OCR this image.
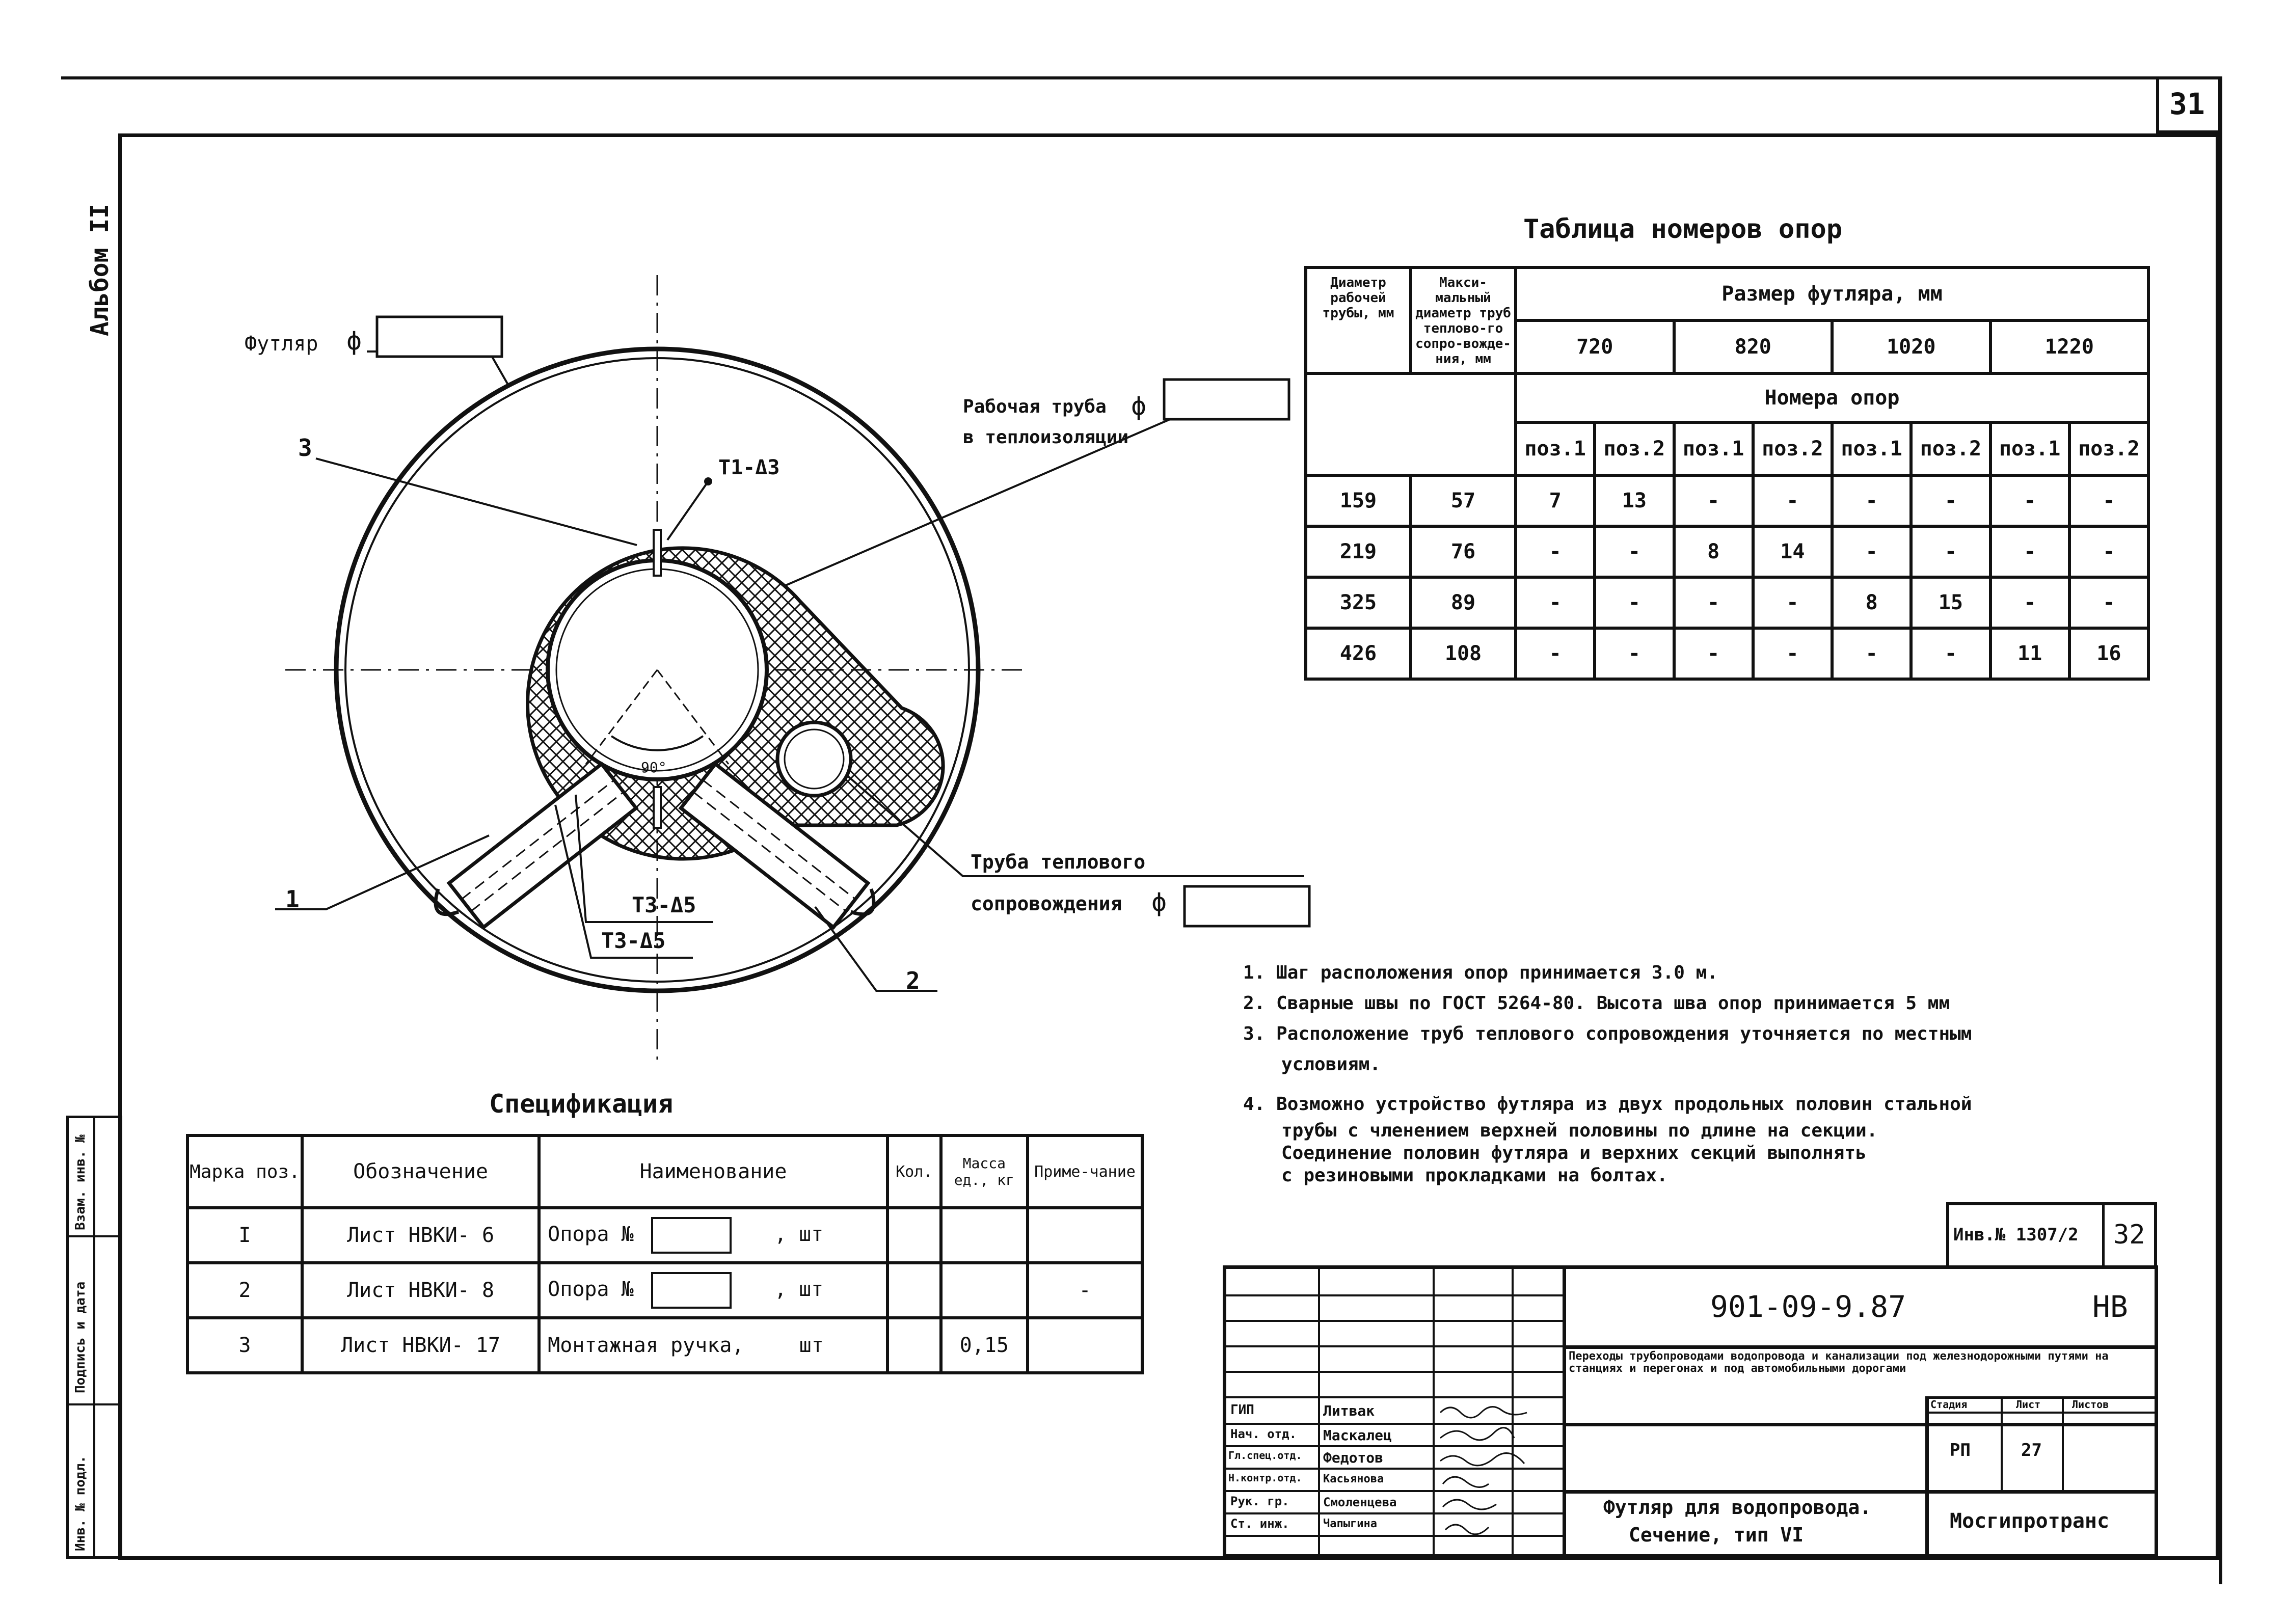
31
Альбом II
Инв. № подл.
Подпись и дата
Взам. инв. №
Футляр ϕ
Рабочая труба ϕ
в теплоизоляции
Труба теплового
сопровождения ϕ
T1-Δ3
T3-Δ5
T3-Δ5
90°
3
1
2
Таблица номеров опор
Диаметр рабочей трубы, мм	Макси-мальный диаметр труб теплово-го сопро-вожде-ния, мм	Размер футляра, мм							
		720		820		1020		1220	

		Номера опор							
		поз.1	поз.2	поз.1	поз.2	поз.1	поз.2	поз.1	поз.2
159	57	7	13	-	-	-	-	-	-
219	76	-	-	8	14	-	-	-	-
325	89	-	-	-	-	8	15	-	-
426	108	-	-	-	-	-	-	11	16
1. Шаг расположения опор принимается 3.0 м.
2. Сварные швы по ГОСТ 5264-80. Высота шва опор принимается 5 мм
3. Расположение труб теплового сопровождения уточняется по местным
условиям.
4. Возможно устройство футляра из двух продольных половин стальной
трубы с членением верхней половины по длине на секции.
Соединение половин футляра и верхних секций выполнять
с резиновыми прокладками на болтах.
Спецификация
Марка поз.	Обозначение	Наименование	Кол.	Масса ед., кг	Приме-чание
I	Лист НВКИ- 6	Опора № , шт			
2	Лист НВКИ- 8	Опора № , шт			-
3	Лист НВКИ- 17	Монтажная ручка, шт		0,15	
Инв.№ 1307/2 32
ГИП
Нач. отд.
Гл.спец.отд.
Н.контр.отд.
Рук. гр.
Ст. инж.
Литвак
Маскалец
Федотов
Касьянова
Смоленцева
Чапыгина
901-09-9.87	НВ
Переходы трубопроводами водопровода и канализации под железнодорожными путями на станциях и перегонах и под автомобильными дорогами
Стадия	Лист	Листов
РП	27
Футляр для водопровода.
Сечение, тип VI
Мосгипротранс
